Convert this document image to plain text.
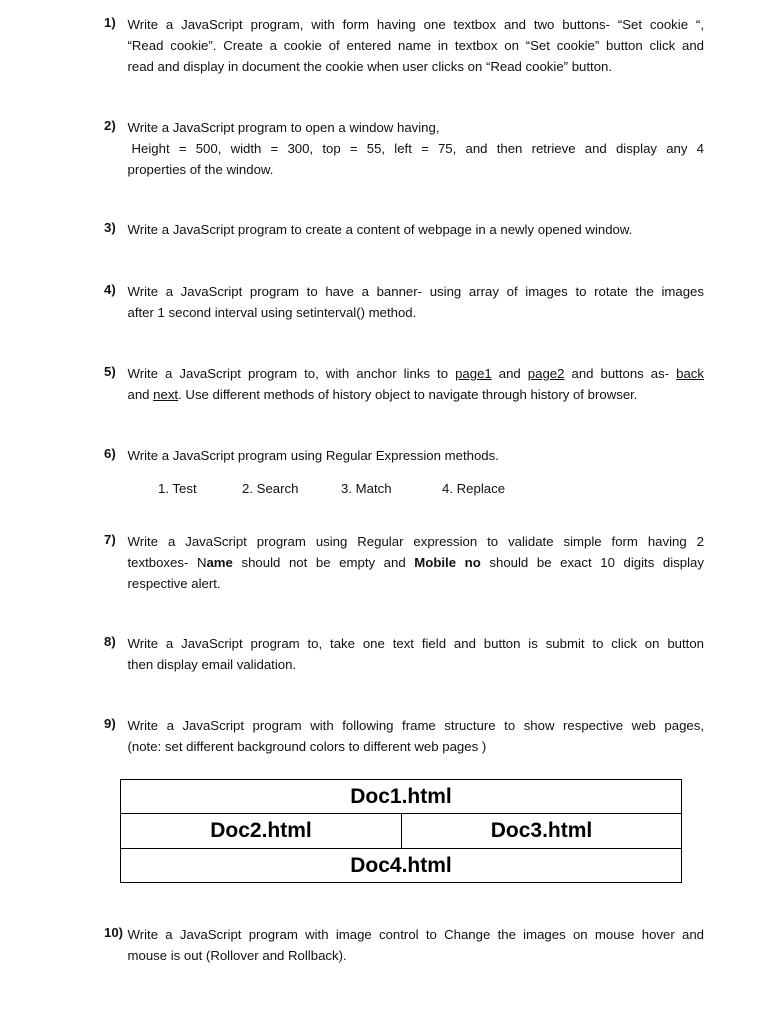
1) Write a JavaScript program, with form having one textbox and two buttons- “Set cookie “,
“Read cookie”. Create a cookie of entered name in textbox on “Set cookie” button click and
read and display in document the cookie when user clicks on “Read cookie” button.
2) Write a JavaScript program to open a window having,
Height = 500, width = 300, top = 55, left = 75, and then retrieve and display any 4
properties of the window.
3) Write a JavaScript program to create a content of webpage in a newly opened window.
4) Write a JavaScript program to have a banner- using array of images to rotate the images
after 1 second interval using setinterval() method.
5) Write a JavaScript program to, with anchor links to page1 and page2 and buttons as- back
and next. Use different methods of history object to navigate through history of browser.
6) Write a JavaScript program using Regular Expression methods.
1. Test	2. Search	3. Match	4. Replace
7) Write a JavaScript program using Regular expression to validate simple form having 2
textboxes- Name should not be empty and Mobile no should be exact 10 digits display
respective alert.
8) Write a JavaScript program to, take one text field and button is submit to click on button
then display email validation.
9) Write a JavaScript program with following frame structure to show respective web pages,
(note: set different background colors to different web pages )
Doc1.html
Doc2.html	Doc3.html
Doc4.html
10) Write a JavaScript program with image control to Change the images on mouse hover and
mouse is out (Rollover and Rollback).
